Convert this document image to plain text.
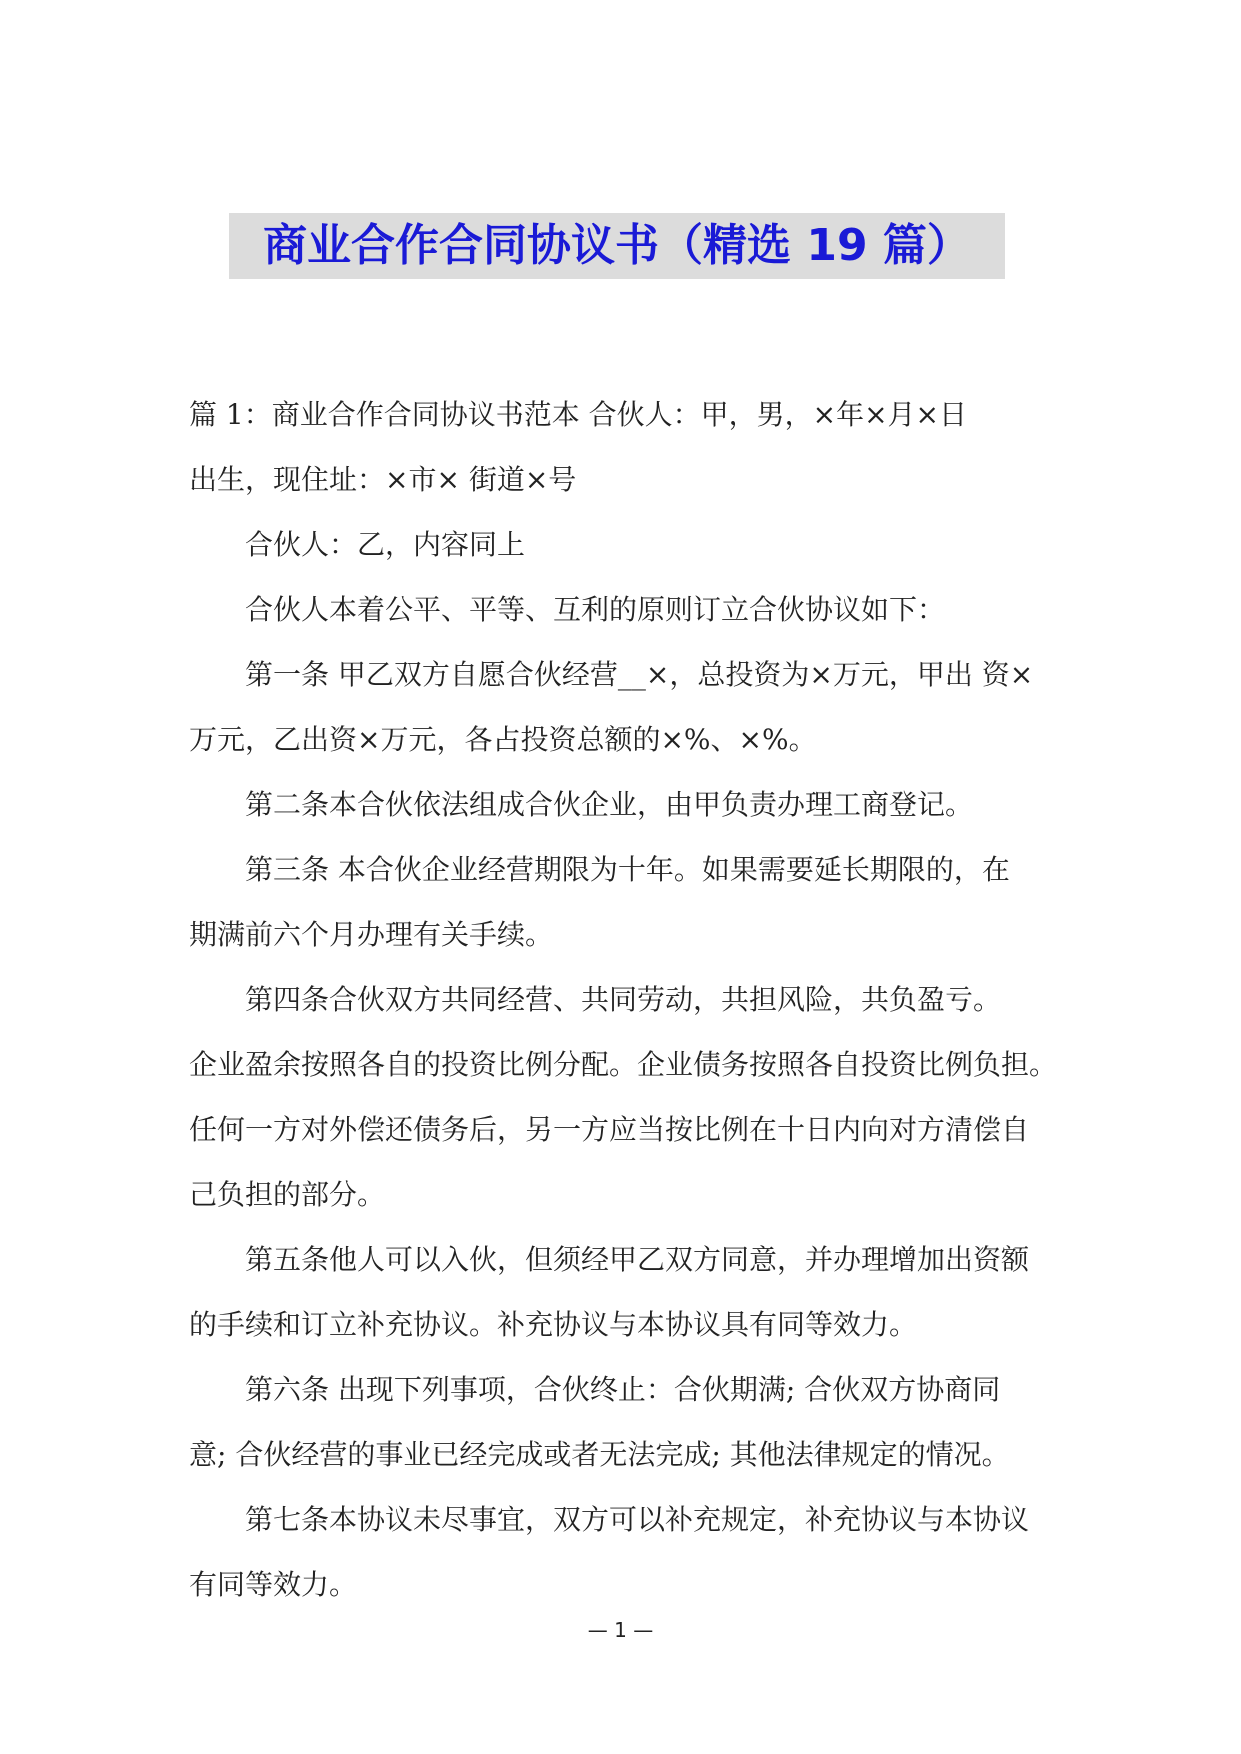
商业合作合同协议书（精选 19 篇）
篇 1：商业合作合同协议书范本 合伙人：甲，男，×年×月×日
出生，现住址：×市× 街道×号
合伙人：乙，内容同上
合伙人本着公平、平等、互利的原则订立合伙协议如下：
第一条 甲乙双方自愿合伙经营__×，总投资为×万元，甲出 资×
万元，乙出资×万元，各占投资总额的×%、×%。
第二条本合伙依法组成合伙企业，由甲负责办理工商登记。
第三条 本合伙企业经营期限为十年。如果需要延长期限的，在
期满前六个月办理有关手续。
第四条合伙双方共同经营、共同劳动，共担风险，共负盈亏。
企业盈余按照各自的投资比例分配。企业债务按照各自投资比例负担。
任何一方对外偿还债务后，另一方应当按比例在十日内向对方清偿自
己负担的部分。
第五条他人可以入伙，但须经甲乙双方同意，并办理增加出资额
的手续和订立补充协议。补充协议与本协议具有同等效力。
第六条 出现下列事项，合伙终止：合伙期满; 合伙双方协商同
意; 合伙经营的事业已经完成或者无法完成; 其他法律规定的情况。
第七条本协议未尽事宜，双方可以补充规定，补充协议与本协议
有同等效力。
— 1 —
